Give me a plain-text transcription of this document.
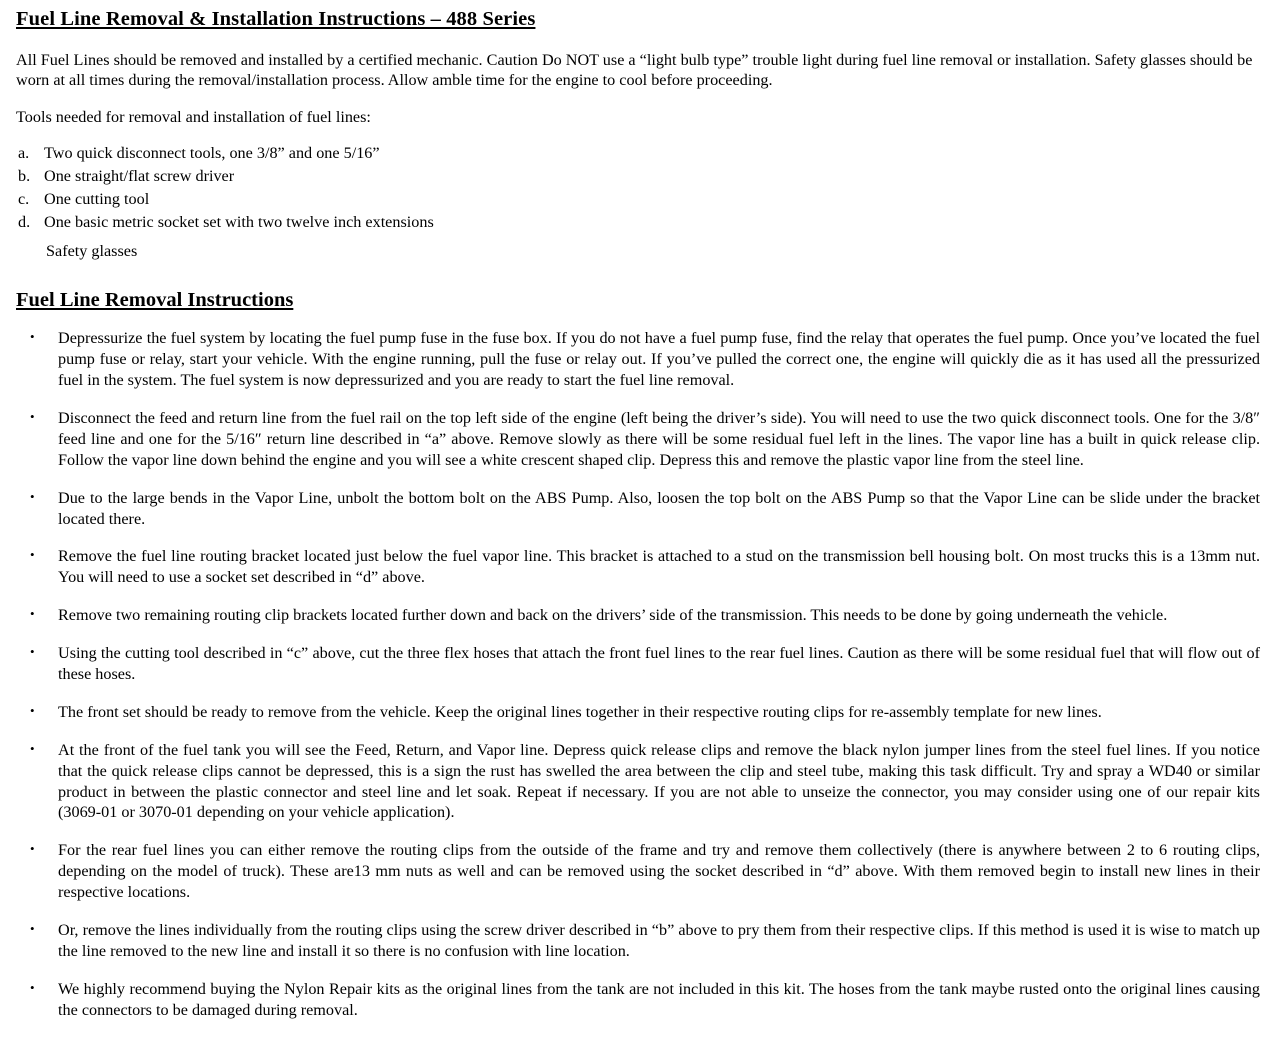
Fuel Line Removal & Installation Instructions – 488 Series

All Fuel Lines should be removed and installed by a certified mechanic. Caution Do NOT use a “light bulb type” trouble light during fuel line removal or installation. Safety glasses should be worn at all times during the removal/installation process. Allow amble time for the engine to cool before proceeding.

Tools needed for removal and installation of fuel lines:

a. Two quick disconnect tools, one 3/8” and one 5/16”
b. One straight/flat screw driver
c. One cutting tool
d. One basic metric socket set with two twelve inch extensions
Safety glasses
Fuel Line Removal Instructions
•	Depressurize the fuel system by locating the fuel pump fuse in the fuse box. If you do not have a fuel pump fuse, find the relay that operates the fuel pump. Once you’ve located the fuel pump fuse or relay, start your vehicle. With the engine running, pull the fuse or relay out. If you’ve pulled the correct one, the engine will quickly die as it has used all the pressurized fuel in the system. The fuel system is now depressurized and you are ready to start the fuel line removal.
•	Disconnect the feed and return line from the fuel rail on the top left side of the engine (left being the driver’s side). You will need to use the two quick disconnect tools. One for the 3/8″ feed line and one for the 5/16″ return line described in “a” above. Remove slowly as there will be some residual fuel left in the lines. The vapor line has a built in quick release clip. Follow the vapor line down behind the engine and you will see a white crescent shaped clip. Depress this and remove the plastic vapor line from the steel line.
•	Due to the large bends in the Vapor Line, unbolt the bottom bolt on the ABS Pump. Also, loosen the top bolt on the ABS Pump so that the Vapor Line can be slide under the bracket located there.
•	Remove the fuel line routing bracket located just below the fuel vapor line. This bracket is attached to a stud on the transmission bell housing bolt. On most trucks this is a 13mm nut. You will need to use a socket set described in “d” above.
•	Remove two remaining routing clip brackets located further down and back on the drivers’ side of the transmission. This needs to be done by going underneath the vehicle.
•	Using the cutting tool described in “c” above, cut the three flex hoses that attach the front fuel lines to the rear fuel lines. Caution as there will be some residual fuel that will flow out of these hoses.
•	The front set should be ready to remove from the vehicle. Keep the original lines together in their respective routing clips for re-assembly template for new lines.
•	At the front of the fuel tank you will see the Feed, Return, and Vapor line. Depress quick release clips and remove the black nylon jumper lines from the steel fuel lines. If you notice that the quick release clips cannot be depressed, this is a sign the rust has swelled the area between the clip and steel tube, making this task difficult. Try and spray a WD40 or similar product in between the plastic connector and steel line and let soak. Repeat if necessary. If you are not able to unseize the connector, you may consider using one of our repair kits (3069-01 or 3070-01 depending on your vehicle application).
•	For the rear fuel lines you can either remove the routing clips from the outside of the frame and try and remove them collectively (there is anywhere between 2 to 6 routing clips, depending on the model of truck). These are13 mm nuts as well and can be removed using the socket described in “d” above. With them removed begin to install new lines in their respective locations.
•	Or, remove the lines individually from the routing clips using the screw driver described in “b” above to pry them from their respective clips. If this method is used it is wise to match up the line removed to the new line and install it so there is no confusion with line location.
•	We highly recommend buying the Nylon Repair kits as the original lines from the tank are not included in this kit. The hoses from the tank maybe rusted onto the original lines causing the connectors to be damaged during removal.
